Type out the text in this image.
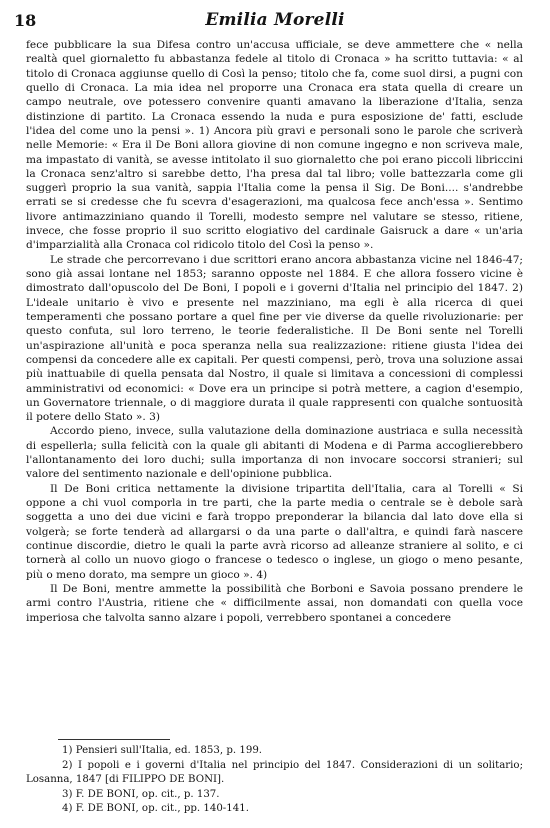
18	Emilia Morelli

fece pubblicare la sua Difesa contro un'accusa ufficiale, se deve ammettere che « nella realtà quel giornaletto fu abbastanza fedele al titolo di Cronaca » ha scritto tuttavia: « al titolo di Cronaca aggiunse quello di Così la penso; titolo che fa, come suol dirsi, a pugni con quello di Cronaca. La mia idea nel proporre una Cronaca era stata quella di creare un campo neutrale, ove potessero convenire quanti amavano la liberazione d'Italia, senza distinzione di partito. La Cronaca essendo la nuda e pura esposizione de' fatti, esclude l'idea del come uno la pensi ». 1) Ancora più gravi e personali sono le parole che scriverà nelle Memorie: « Era il De Boni allora giovine di non comune ingegno e non scriveva male, ma impastato di vanità, se avesse intitolato il suo giornaletto che poi erano piccoli libriccini la Cronaca senz'altro si sarebbe detto, l'ha presa dal tal libro; volle battezzarla come gli suggerì proprio la sua vanità, sappia l'Italia come la pensa il Sig. De Boni.... s'andrebbe errati se si credesse che fu scevra d'esagerazioni, ma qualcosa fece anch'essa ». Sentimo livore antimazziniano quando il Torelli, modesto sempre nel valutare se stesso, ritiene, invece, che fosse proprio il suo scritto elogiativo del cardinale Gaisruck a dare « un'aria d'imparzialità alla Cronaca col ridicolo titolo del Così la penso ».

Le strade che percorrevano i due scrittori erano ancora abbastanza vicine nel 1846-47; sono già assai lontane nel 1853; saranno opposte nel 1884. E che allora fossero vicine è dimostrato dall'opuscolo del De Boni, I popoli e i governi d'Italia nel principio del 1847. 2) L'ideale unitario è vivo e presente nel mazziniano, ma egli è alla ricerca di quei temperamenti che possano portare a quel fine per vie diverse da quelle rivoluzionarie: per questo confuta, sul loro terreno, le teorie federalistiche. Il De Boni sente nel Torelli un'aspirazione all'unità e poca speranza nella sua realizzazione: ritiene giusta l'idea dei compensi da concedere alle ex capitali. Per questi compensi, però, trova una soluzione assai più inattuabile di quella pensata dal Nostro, il quale si limitava a concessioni di complessi amministrativi od economici: « Dove era un principe si potrà mettere, a cagion d'esempio, un Governatore triennale, o di maggiore durata il quale rappresenti con qualche sontuosità il potere dello Stato ». 3)

Accordo pieno, invece, sulla valutazione della dominazione austriaca e sulla necessità di espellerla; sulla felicità con la quale gli abitanti di Modena e di Parma accoglierebbero l'allontanamento dei loro duchi; sulla importanza di non invocare soccorsi stranieri; sul valore del sentimento nazionale e dell'opinione pubblica.

Il De Boni critica nettamente la divisione tripartita dell'Italia, cara al Torelli « Si oppone a chi vuol comporla in tre parti, che la parte media o centrale se è debole sarà soggetta a uno dei due vicini e farà troppo preponderar la bilancia dal lato dove ella si volgerà; se forte tenderà ad allargarsi o da una parte o dall'altra, e quindi farà nascere continue discordie, dietro le quali la parte avrà ricorso ad alleanze straniere al solito, e ci tornerà al collo un nuovo giogo o francese o tedesco o inglese, un giogo o meno pesante, più o meno dorato, ma sempre un gioco ». 4)

Il De Boni, mentre ammette la possibilità che Borboni e Savoia possano prendere le armi contro l'Austria, ritiene che « difficilmente assai, non domandati con quella voce imperiosa che talvolta sanno alzare i popoli, verrebbero spontanei a concedere

1) Pensieri sull'Italia, ed. 1853, p. 199.

2) I popoli e i governi d'Italia nel principio del 1847. Considerazioni di un solitario; Losanna, 1847 [di FILIPPO DE BONI].

3) F. DE BONI, op. cit., p. 137.

4) F. DE BONI, op. cit., pp. 140-141.
